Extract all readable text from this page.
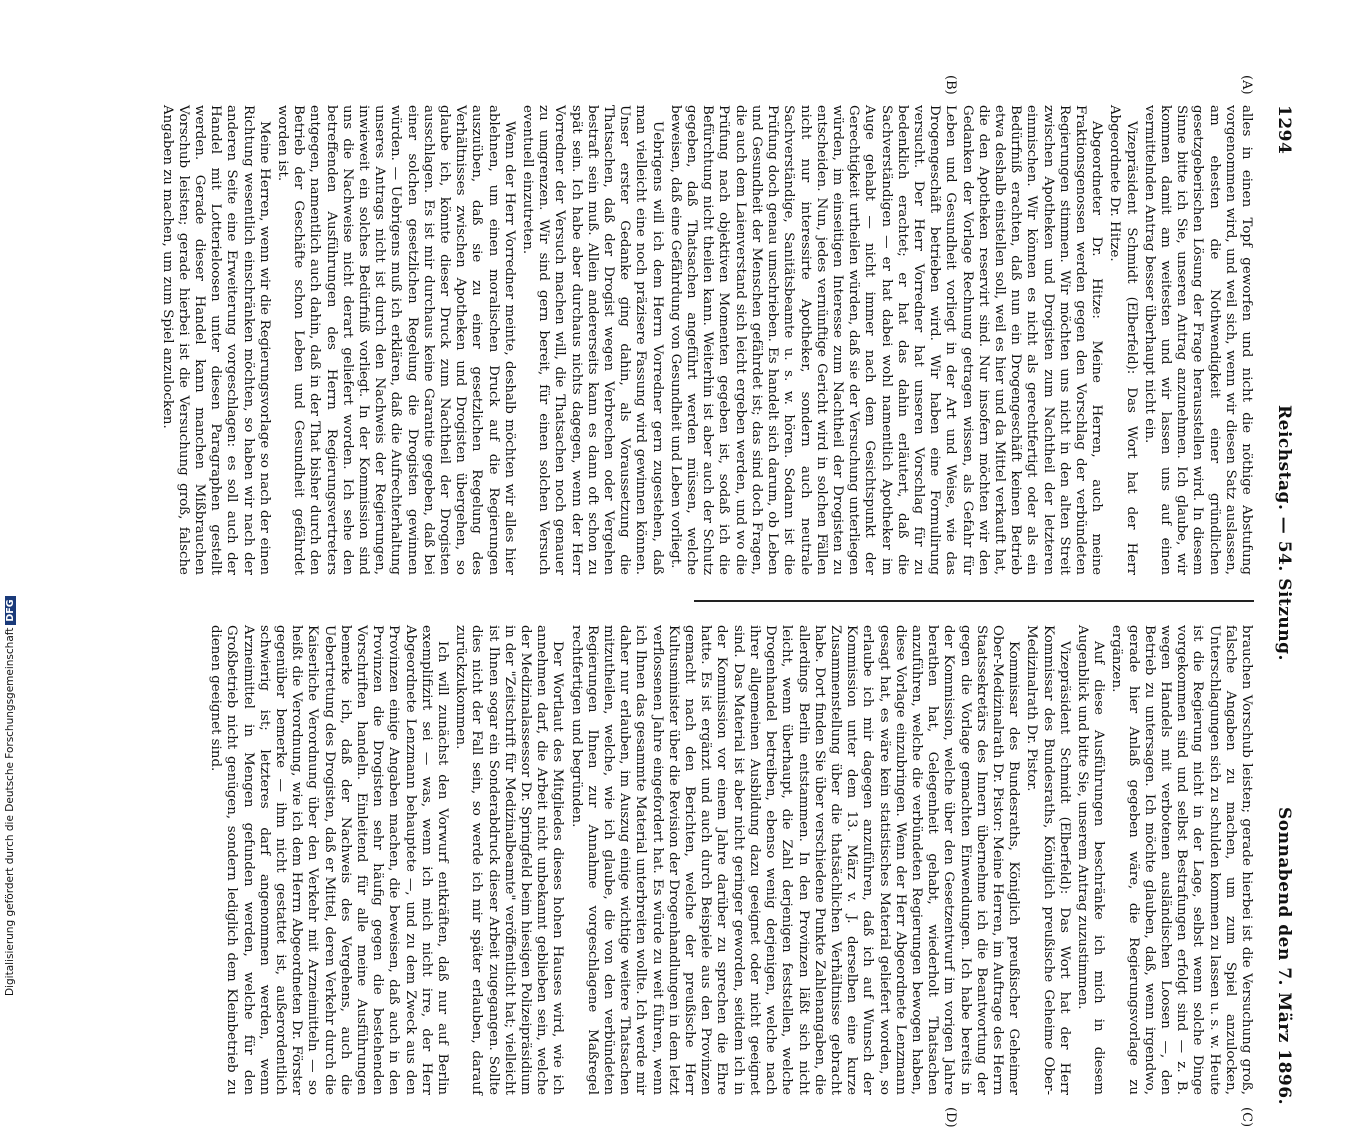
Digitalisierung gefördert durch die Deutsche ForschungsgemeinschaftDFG
1294
Reichstag. — 54. Sitzung.
Sonnabend den 7. März 1896.
(A)
(B)
(C)
(D)

alles in einen Topf geworfen und nicht die nöthige Abstufung vorgenommen wird, und weil sich, wenn wir diesen Satz auslassen, am ehesten die Nothwendigkeit einer gründlichen gesetzgeberischen Lösung der Frage herausstellen wird. In diesem Sinne bitte ich Sie, unseren Antrag anzunehmen. Ich glaube, wir kommen damit am weitesten und wir lassen uns auf einen vermittelnden Antrag besser überhaupt nicht ein.

Vizepräsident Schmidt (Elberfeld): Das Wort hat der Herr Abgeordnete Dr. Hitze.

Abgeordneter Dr. Hitze: Meine Herren, auch meine Fraktionsgenossen werden gegen den Vorschlag der verbündeten Regierungen stimmen. Wir möchten uns nicht in den alten Streit zwischen Apotheken und Drogisten zum Nachtheil der letzteren einmischen. Wir können es nicht als gerechtfertigt oder als ein Bedürfniß erachten, daß nun ein Drogengeschäft keinen Betrieb etwa deshalb einstellen soll, weil es hier und da Mittel verkauft hat, die den Apotheken reservirt sind. Nur insofern möchten wir den Gedanken der Vorlage Rechnung getragen wissen, als Gefahr für Leben und Gesundheit vorliegt in der Art und Weise, wie das Drogengeschäft betrieben wird. Wir haben eine Formulirung versucht. Der Herr Vorredner hat unseren Vorschlag für zu bedenklich erachtet; er hat das dahin erläutert, daß die Sachverständigen — er hat dabei wohl namentlich Apotheker im Auge gehabt — nicht immer nach dem Gesichtspunkt der Gerechtigkeit urtheilen würden, daß sie der Versuchung unterliegen würden, im einseitigen Interesse zum Nachtheil der Drogisten zu entscheiden. Nun, jedes vernünftige Gericht wird in solchen Fällen nicht nur interessirte Apotheker, sondern auch neutrale Sachverständige, Sanitätsbeamte u. s. w. hören. Sodann ist die Prüfung doch genau umschrieben. Es handelt sich darum, ob Leben und Gesundheit der Menschen gefährdet ist; das sind doch Fragen, die auch dem Laienverstand sich leicht ergeben werden, und wo die Prüfung nach objektiven Momenten gegeben ist, sodaß ich die Befürchtung nicht theilen kann. Weiterhin ist aber auch der Schutz gegeben, daß Thatsachen angeführt werden müssen, welche beweisen, daß eine Gefährdung von Gesundheit und Leben vorliegt.

Uebrigens will ich dem Herrn Vorredner gern zugestehen, daß man vielleicht eine noch präzisere Fassung wird gewinnen können. Unser erster Gedanke ging dahin, als Voraussetzung die Thatsachen, daß der Drogist wegen Verbrechen oder Vergehen bestraft sein muß. Allein andererseits kann es dann oft schon zu spät sein. Ich habe aber durchaus nichts dagegen, wenn der Herr Vorredner der Versuch machen will, die Thatsachen noch genauer zu umgrenzen. Wir sind gern bereit, für einen solchen Versuch eventuell einzutreten.

Wenn der Herr Vorredner meinte, deshalb möchten wir alles hier ablehnen, um einen moralischen Druck auf die Regierungen auszuüben, daß sie zu einer gesetzlichen Regelung des Verhältnisses zwischen Apotheken und Drogisten übergehen, so glaube ich, könnte dieser Druck zum Nachtheil der Drogisten ausschlagen. Es ist mir durchaus keine Garantie gegeben, daß bei einer solchen gesetzlichen Regelung die Drogisten gewinnen würden. — Uebrigens muß ich erklären, daß die Aufrechterhaltung unseres Antrags nicht ist durch den Nachweis der Regierungen, inwieweit ein solches Bedürfniß vorliegt. In der Kommission sind uns die Nachweise nicht derart geliefert worden. Ich sehe den betreffenden Ausführungen des Herrn Regierungsvertreters entgegen, namentlich auch dahin, daß in der That bisher durch den Betrieb der Geschäfte schon Leben und Gesundheit gefährdet worden ist.

Meine Herren, wenn wir die Regierungsvorlage so nach der einen Richtung wesentlich einschränken möchten, so haben wir nach der anderen Seite eine Erweiterung vorgeschlagen: es soll auch der Handel mit Lotterieloosen unter diesen Paragraphen gestellt werden. Gerade dieser Handel kann manchen Mißbrauchen Vorschub leisten; gerade hierbei ist die Versuchung groß, falsche Angaben zu machen, um zum Spiel anzulocken.

brauchen Vorschub leisten; gerade hierbei ist die Versuchung groß, falsche Angaben zu machen, um zum Spiel anzulocken, Unterschlagungen sich zu schulden kommen zu lassen u. s. w. Heute ist die Regierung nicht in der Lage, selbst wenn solche Dinge vorgekommen sind und selbst Bestrafungen erfolgt sind — z. B. wegen Handels mit verbotenen ausländischen Loosen —, den Betrieb zu untersagen. Ich möchte glauben, daß, wenn irgendwo, gerade hier Anlaß gegeben wäre, die Regierungsvorlage zu ergänzen.

Auf diese Ausführungen beschränke ich mich in diesem Augenblick und bitte Sie, unserem Antrag zuzustimmen.

Vizepräsident Schmidt (Elberfeld): Das Wort hat der Herr Kommissar des Bundesraths, Königlich preußische Geheime Ober-Medizinalrath Dr. Pistor.

Kommissar des Bundesraths, Königlich preußischer Geheimer Ober-Medizinalrath Dr. Pistor: Meine Herren, im Auftrage des Herrn Staatssekretärs des Innern übernehme ich die Beantwortung der gegen die Vorlage gemachten Einwendungen. Ich habe bereits in der Kommission, welche über den Gesetzentwurf im vorigen Jahre berathen hat, Gelegenheit gehabt, wiederholt Thatsachen anzuführen, welche die verbündeten Regierungen bewogen haben, diese Vorlage einzubringen. Wenn der Herr Abgeordnete Lenzmann gesagt hat, es wäre kein statistisches Material geliefert worden, so erlaube ich mir dagegen anzuführen, daß ich auf Wunsch der Kommission unter dem 13. März v. J. derselben eine kurze Zusammenstellung über die thatsächlichen Verhältnisse gebracht habe. Dort finden Sie über verschiedene Punkte Zahlenangaben, die allerdings Berlin entstammen. In den Provinzen läßt sich nicht leicht, wenn überhaupt, die Zahl derjenigen feststellen, welche Drogenhandel betreiben, ebenso wenig derjenigen, welche nach ihrer allgemeinen Ausbildung dazu geeignet oder nicht geeignet sind. Das Material ist aber nicht geringer geworden, seitdem ich in der Kommission vor einem Jahre darüber zu sprechen die Ehre hatte. Es ist ergänzt und auch durch Beispiele aus den Provinzen gemacht nach den Berichten, welche der preußische Herr Kultusminister über die Revision der Drogenhandlungen in dem letzt verflossenen Jahre eingefordert hat. Es würde zu weit führen, wenn ich Ihnen das gesammte Material unterbreiten wollte. Ich werde mir daher nur erlauben, im Auszug einige wichtige weitere Thatsachen mitzutheilen, welche, wie ich glaube, die von den verbündeten Regierungen Ihnen zur Annahme vorgeschlagene Maßregel rechtfertigen und begründen.

Der Wortlaut des Mitgliedes dieses hohen Hauses wird, wie ich annehmen darf, die Arbeit nicht unbekannt geblieben sein, welche der Medizinalassessor Dr. Springfeld beim hiesigen Polizeipräsidium in der "Zeitschrift für Medizinalbeamte" veröffentlicht hat; vielleicht ist Ihnen sogar ein Sonderabdruck dieser Arbeit zugegangen. Sollte dies nicht der Fall sein, so werde ich mir später erlauben, darauf zurückzukommen.

Ich will zunächst den Vorwurf entkräften, daß nur auf Berlin exemplifizirt sei — was, wenn ich mich nicht irre, der Herr Abgeordnete Lenzmann behauptete —, und zu dem Zweck aus den Provinzen einige Angaben machen, die beweisen, daß auch in den Provinzen die Drogisten sehr häufig gegen die bestehenden Vorschriften handeln. Einleitend für alle meine Ausführungen bemerke ich, daß der Nachweis des Vergehens, auch die Uebertretung des Drogisten, daß er Mittel, deren Verkehr durch die Kaiserliche Verordnung über den Verkehr mit Arzneimitteln — so heißt die Verordnung, wie ich dem Herrn Abgeordneten Dr. Förster gegenüber bemerke — ihm nicht gestattet ist, außerordentlich schwierig ist; letzteres darf angenommen werden, wenn Arzneimittel in Mengen gefunden werden, welche für den Großbetrieb nicht genügen, sondern lediglich dem Kleinbetrieb zu dienen geeignet sind.
